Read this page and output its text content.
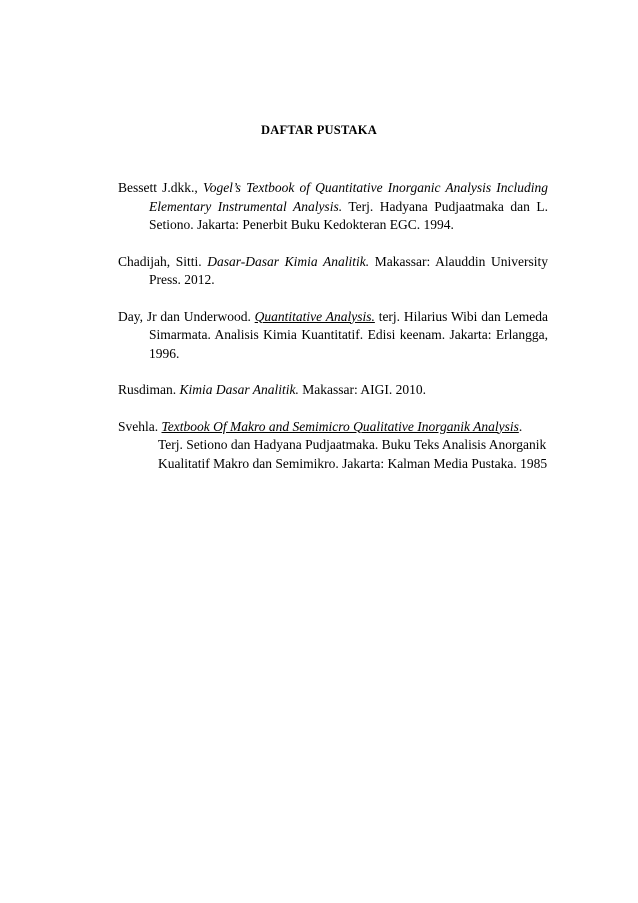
DAFTAR PUSTAKA

Bessett J.dkk., Vogel’s Textbook of Quantitative Inorganic Analysis Including Elementary Instrumental Analysis. Terj. Hadyana Pudjaatmaka dan L. Setiono. Jakarta: Penerbit Buku Kedokteran EGC. 1994.

Chadijah, Sitti. Dasar-Dasar Kimia Analitik. Makassar: Alauddin University Press. 2012.

Day, Jr dan Underwood. Quantitative Analysis. terj. Hilarius Wibi dan Lemeda Simarmata. Analisis Kimia Kuantitatif. Edisi keenam. Jakarta: Erlangga, 1996.

Rusdiman. Kimia Dasar Analitik. Makassar: AIGI. 2010.

Svehla. Textbook Of Makro and Semimicro Qualitative Inorganik Analysis. Terj. Setiono dan Hadyana Pudjaatmaka. Buku Teks Analisis Anorganik Kualitatif Makro dan Semimikro. Jakarta: Kalman Media Pustaka. 1985
